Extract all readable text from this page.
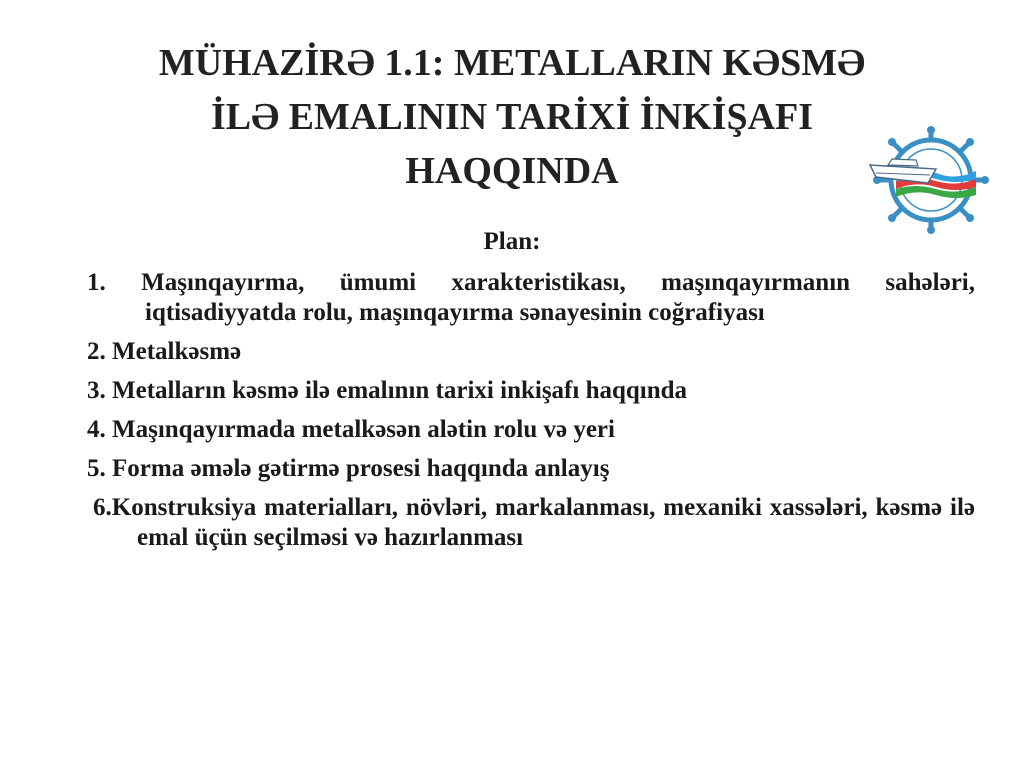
MÜHAZİRƏ 1.1: METALLARIN KƏSMƏ
İLƏ EMALININ TARİXİ İNKİŞAFI
HAQQINDA
Plan:
1. Maşınqayırma, ümumi xarakteristikası, maşınqayırmanın sahələri, iqtisadiyyatda rolu, maşınqayırma sənayesinin coğrafiyası
2. Metalkəsmə
3. Metalların kəsmə ilə emalının tarixi inkişafı haqqında
4. Maşınqayırmada metalkəsən alətin rolu və yeri
5. Forma əmələ gətirmə prosesi haqqında anlayış
6.Konstruksiya materialları, növləri, markalanması, mexaniki xassələri, kəsmə ilə emal üçün seçilməsi və hazırlanması
